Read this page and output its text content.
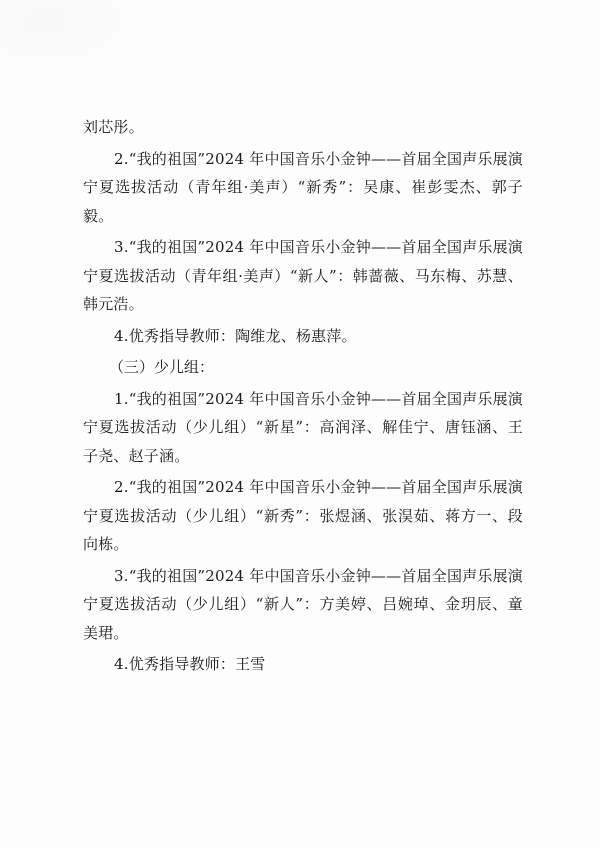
刘芯彤。

2.“我的祖国”2024 年中国音乐小金钟——首届全国声乐展演宁夏选拔活动（青年组·美声）“新秀”：吴康、崔彭雯杰、郭子毅。

3.“我的祖国”2024 年中国音乐小金钟——首届全国声乐展演宁夏选拔活动（青年组·美声）“新人”：韩蔷薇、马东梅、苏慧、韩元浩。

4.优秀指导教师：陶维龙、杨惠萍。

（三）少儿组：

1.“我的祖国”2024 年中国音乐小金钟——首届全国声乐展演宁夏选拔活动（少儿组）“新星”：高润泽、解佳宁、唐钰涵、王子尧、赵子涵。

2.“我的祖国”2024 年中国音乐小金钟——首届全国声乐展演宁夏选拔活动（少儿组）“新秀”：张煜涵、张淏茹、蒋方一、段向栋。

3.“我的祖国”2024 年中国音乐小金钟——首届全国声乐展演宁夏选拔活动（少儿组）“新人”：方美婷、吕婉琸、金玥辰、童美珺。

4.优秀指导教师：王雪
